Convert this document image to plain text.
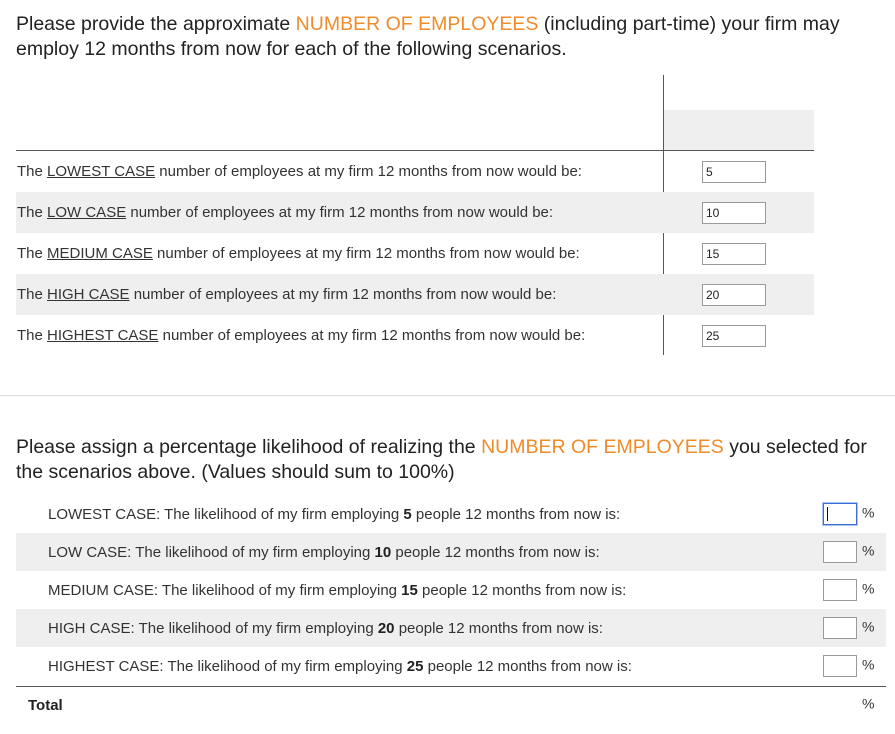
Please provide the approximate NUMBER OF EMPLOYEES (including part-time) your firm may employ 12 months from now for each of the following scenarios.
The LOWEST CASE number of employees at my firm 12 months from now would be:
5
The LOW CASE number of employees at my firm 12 months from now would be:
10
The MEDIUM CASE number of employees at my firm 12 months from now would be:
15
The HIGH CASE number of employees at my firm 12 months from now would be:
20
The HIGHEST CASE number of employees at my firm 12 months from now would be:
25
Please assign a percentage likelihood of realizing the NUMBER OF EMPLOYEES you selected for the scenarios above. (Values should sum to 100%)
LOWEST CASE: The likelihood of my firm employing 5 people 12 months from now is:	%
LOW CASE: The likelihood of my firm employing 10 people 12 months from now is:	%
MEDIUM CASE: The likelihood of my firm employing 15 people 12 months from now is:	%
HIGH CASE: The likelihood of my firm employing 20 people 12 months from now is:	%
HIGHEST CASE: The likelihood of my firm employing 25 people 12 months from now is:	%
Total	%
